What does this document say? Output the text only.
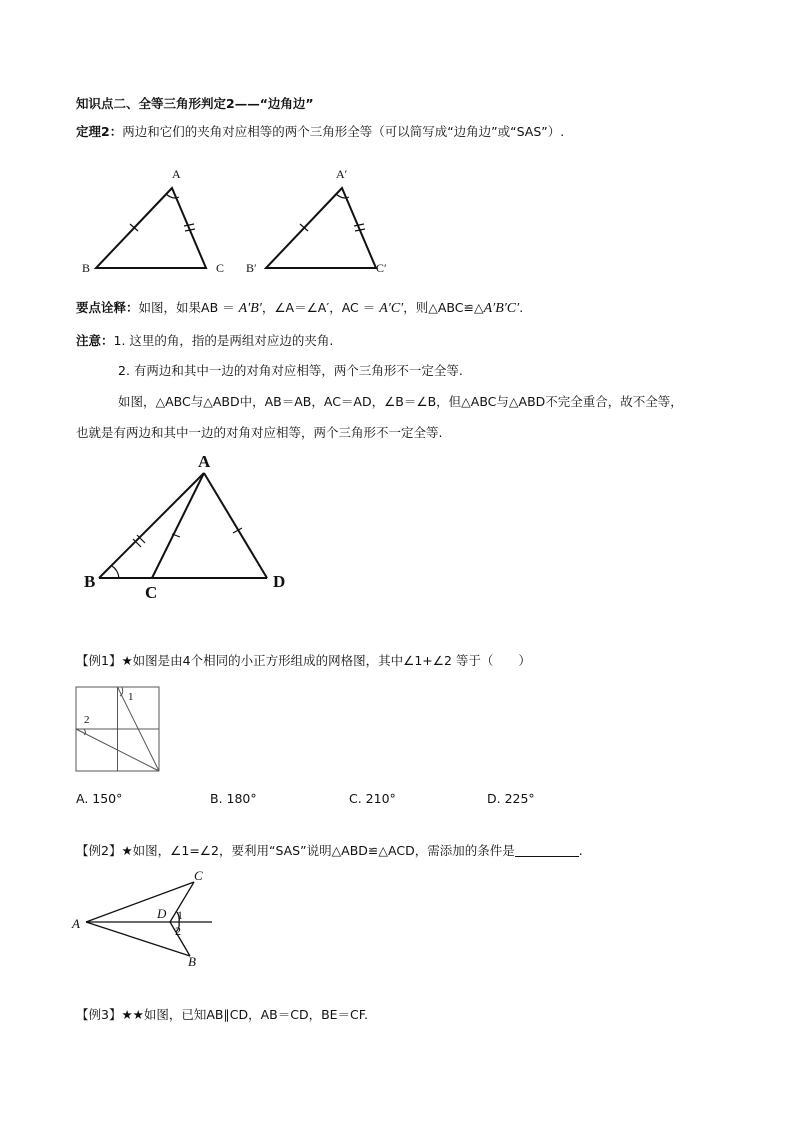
知识点二、全等三角形判定2——“边角边”
定理2：两边和它们的夹角对应相等的两个三角形全等（可以简写成“边角边”或“SAS”）.
A
B	C
A′
B′	C′
要点诠释：如图，如果AB ＝ A′B′，∠A＝∠A′，AC ＝ A′C′，则△ABC≌△A′B′C′.
注意：1. 这里的角，指的是两组对应边的夹角.
2. 有两边和其中一边的对角对应相等，两个三角形不一定全等.
如图，△ABC与△ABD中，AB＝AB，AC＝AD，∠B＝∠B，但△ABC与△ABD不完全重合，故不全等，
也就是有两边和其中一边的对角对应相等，两个三角形不一定全等.
A
B
C
D
【例1】★如图是由4个相同的小正方形组成的网格图，其中∠1+∠2 等于（　　）
1
2
A. 150°	B. 180°	C. 210°	D. 225°
【例2】★如图，∠1=∠2，要利用“SAS”说明△ABD≌△ACD，需添加的条件是	.
A
B
C
D 1
2
【例3】★★如图，已知AB∥CD，AB＝CD，BE＝CF.
